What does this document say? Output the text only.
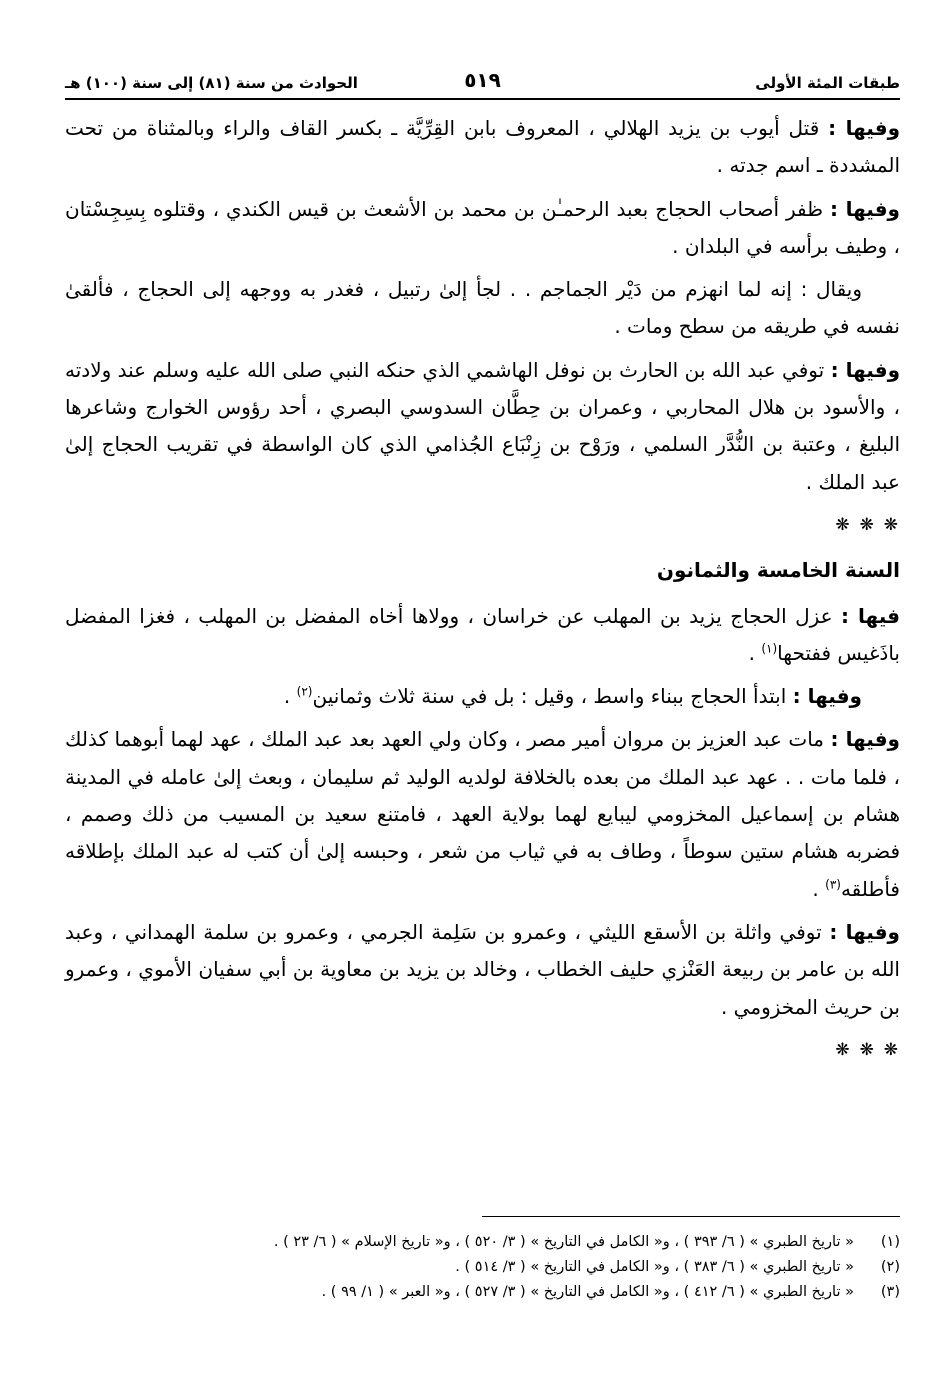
طبقات المئة الأولى
٥١٩
الحوادث من سنة (٨١) إلى سنة (١٠٠) هـ

وفيها : قتل أيوب بن يزيد الهلالي ، المعروف بابن القِرِّيَّة ـ بكسر القاف والراء وبالمثناة من تحت المشددة ـ اسم جدته .

وفيها : ظفر أصحاب الحجاج بعبد الرحمـٰن بن محمد بن الأشعث بن قيس الكندي ، وقتلوه بِسِجِسْتان ، وطيف برأسه في البلدان .

ويقال : إنه لما انهزم من دَيْر الجماجم . . لجأ إلىٰ رتبيل ، فغدر به ووجهه إلى الحجاج ، فألقىٰ نفسه في طريقه من سطح ومات .

وفيها : توفي عبد الله بن الحارث بن نوفل الهاشمي الذي حنكه النبي صلى الله عليه وسلم عند ولادته ، والأسود بن هلال المحاربي ، وعمران بن حِطَّان السدوسي البصري ، أحد رؤوس الخوارج وشاعرها البليغ ، وعتبة بن النُّدَّر السلمي ، ورَوْح بن زِنْبَاع الجُذامي الذي كان الواسطة في تقريب الحجاج إلىٰ عبد الملك .

❋ ❋ ❋
السنة الخامسة والثمانون

فيها : عزل الحجاج يزيد بن المهلب عن خراسان ، وولاها أخاه المفضل بن المهلب ، فغزا المفضل باذَغيس ففتحها$^{(١)}$ .

وفيها : ابتدأ الحجاج ببناء واسط ، وقيل : بل في سنة ثلاث وثمانين$^{(٢)}$ .

وفيها : مات عبد العزيز بن مروان أمير مصر ، وكان ولي العهد بعد عبد الملك ، عهد لهما أبوهما كذلك ، فلما مات . . عهد عبد الملك من بعده بالخلافة لولديه الوليد ثم سليمان ، وبعث إلىٰ عامله في المدينة هشام بن إسماعيل المخزومي ليبايع لهما بولاية العهد ، فامتنع سعيد بن المسيب من ذلك وصمم ، فضربه هشام ستين سوطاً ، وطاف به في ثياب من شعر ، وحبسه إلىٰ أن كتب له عبد الملك بإطلاقه فأطلقه$^{(٣)}$ .

وفيها : توفي واثلة بن الأسقع الليثي ، وعمرو بن سَلِمة الجرمي ، وعمرو بن سلمة الهمداني ، وعبد الله بن عامر بن ربيعة العَنْزي حليف الخطاب ، وخالد بن يزيد بن معاوية بن أبي سفيان الأموي ، وعمرو بن حريث المخزومي .

❋ ❋ ❋
(١)
« تاريخ الطبري » ( ٦/ ٣٩٣ ) ، و« الكامل في التاريخ » ( ٣/ ٥٢٠ ) ، و« تاريخ الإسلام » ( ٦/ ٢٣ ) .
(٢)
« تاريخ الطبري » ( ٦/ ٣٨٣ ) ، و« الكامل في التاريخ » ( ٣/ ٥١٤ ) .
(٣)
« تاريخ الطبري » ( ٦/ ٤١٢ ) ، و« الكامل في التاريخ » ( ٣/ ٥٢٧ ) ، و« العبر » ( ١/ ٩٩ ) .
